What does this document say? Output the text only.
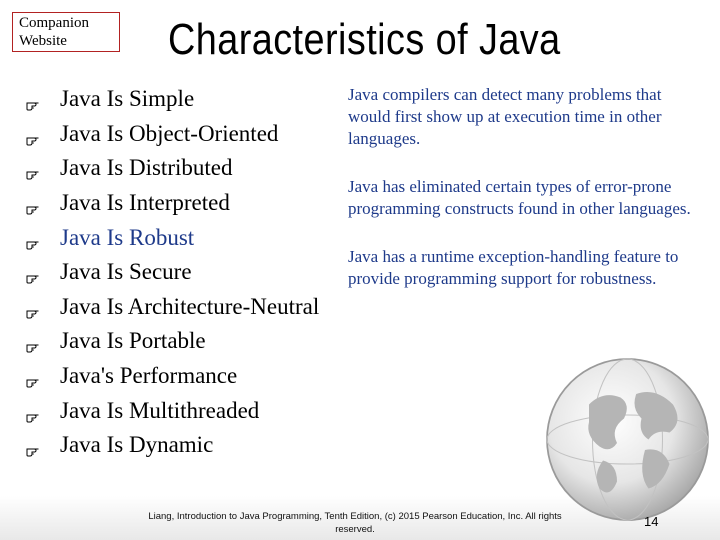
Companion Website	Characteristics of Java
Java Is Simple
Java Is Object-Oriented
Java Is Distributed
Java Is Interpreted
Java Is Robust
Java Is Secure
Java Is Architecture-Neutral
Java Is Portable
Java's Performance
Java Is Multithreaded
Java Is Dynamic
Java compilers can detect many problems that would first show up at execution time in other languages.
Java has eliminated certain types of error-prone programming constructs found in other languages.
Java has a runtime exception-handling feature to provide programming support for robustness.
Liang, Introduction to Java Programming, Tenth Edition, (c) 2015 Pearson Education, Inc. All rights reserved.
14
